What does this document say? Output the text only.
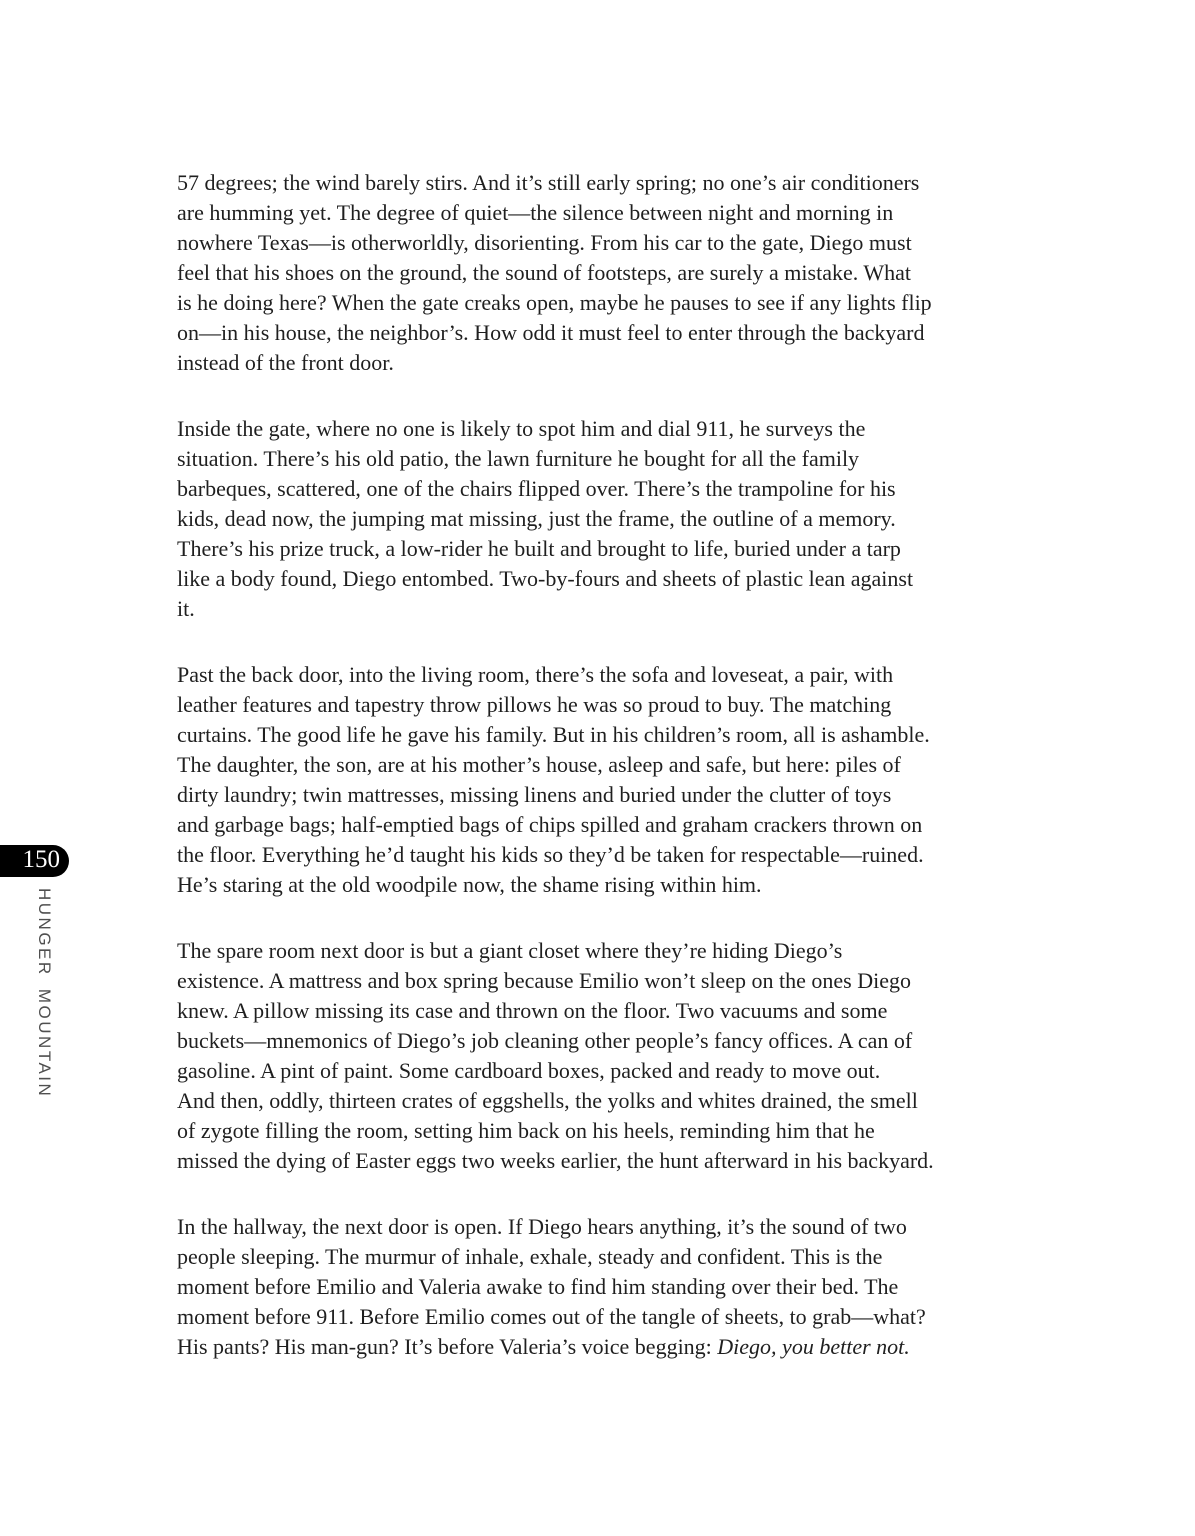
150
HUNGER MOUNTAIN
57 degrees; the wind barely stirs. And it’s still early spring; no one’s air conditioners
are humming yet. The degree of quiet—the silence between night and morning in
nowhere Texas—is otherworldly, disorienting. From his car to the gate, Diego must
feel that his shoes on the ground, the sound of footsteps, are surely a mistake. What
is he doing here? When the gate creaks open, maybe he pauses to see if any lights flip
on—in his house, the neighbor’s. How odd it must feel to enter through the backyard
instead of the front door.
Inside the gate, where no one is likely to spot him and dial 911, he surveys the
situation. There’s his old patio, the lawn furniture he bought for all the family
barbeques, scattered, one of the chairs flipped over. There’s the trampoline for his
kids, dead now, the jumping mat missing, just the frame, the outline of a memory.
There’s his prize truck, a low-rider he built and brought to life, buried under a tarp
like a body found, Diego entombed. Two-by-fours and sheets of plastic lean against
it.
Past the back door, into the living room, there’s the sofa and loveseat, a pair, with
leather features and tapestry throw pillows he was so proud to buy. The matching
curtains. The good life he gave his family. But in his children’s room, all is ashamble.
The daughter, the son, are at his mother’s house, asleep and safe, but here: piles of
dirty laundry; twin mattresses, missing linens and buried under the clutter of toys
and garbage bags; half-emptied bags of chips spilled and graham crackers thrown on
the floor. Everything he’d taught his kids so they’d be taken for respectable—ruined.
He’s staring at the old woodpile now, the shame rising within him.
The spare room next door is but a giant closet where they’re hiding Diego’s
existence. A mattress and box spring because Emilio won’t sleep on the ones Diego
knew. A pillow missing its case and thrown on the floor. Two vacuums and some
buckets—mnemonics of Diego’s job cleaning other people’s fancy offices. A can of
gasoline. A pint of paint. Some cardboard boxes, packed and ready to move out.
And then, oddly, thirteen crates of eggshells, the yolks and whites drained, the smell
of zygote filling the room, setting him back on his heels, reminding him that he
missed the dying of Easter eggs two weeks earlier, the hunt afterward in his backyard.
In the hallway, the next door is open. If Diego hears anything, it’s the sound of two
people sleeping. The murmur of inhale, exhale, steady and confident. This is the
moment before Emilio and Valeria awake to find him standing over their bed. The
moment before 911. Before Emilio comes out of the tangle of sheets, to grab—what?
His pants? His man-gun? It’s before Valeria’s voice begging: Diego, you better not.
